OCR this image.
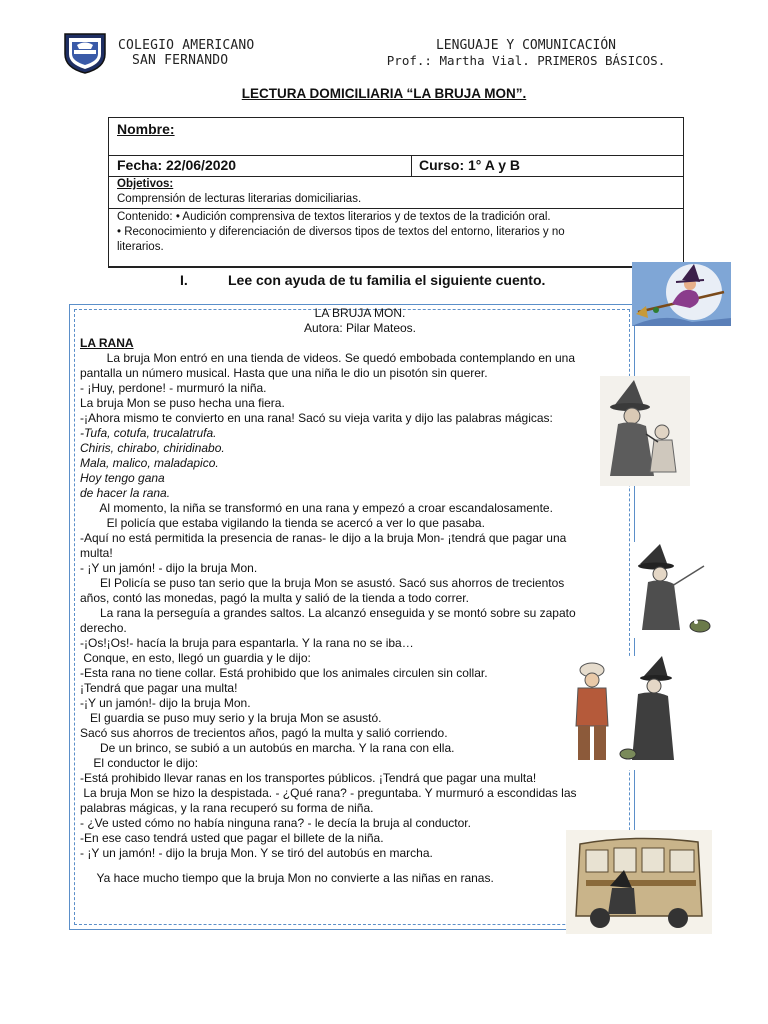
COLEGIO AMERICANO
SAN FERNANDO
LENGUAJE Y COMUNICACIÓN
Prof.: Martha Vial. PRIMEROS BÁSICOS.
LECTURA DOMICILIARIA “LA BRUJA MON”.
Nombre:
Fecha: 22/06/2020	Curso: 1° A y B
Objetivos:
Comprensión de lecturas literarias domiciliarias.

Contenido: • Audición comprensiva de textos literarios y de textos de la tradición oral.

• Reconocimiento y diferenciación de diversos tipos de textos del entorno, literarios y no

literarios.

I.	Lee con ayuda de tu familia el siguiente cuento.
LA BRUJA MON.
Autora: Pilar Mateos.
LA RANA
La bruja Mon entró en una tienda de videos. Se quedó embobada contemplando en una
pantalla un número musical. Hasta que una niña le dio un pisotón sin querer.
- ¡Huy, perdone! - murmuró la niña.
La bruja Mon se puso hecha una fiera.
-¡Ahora mismo te convierto en una rana! Sacó su vieja varita y dijo las palabras mágicas:
-Tufa, cotufa, trucalatrufa.
Chiris, chirabo, chiridinabo.
Mala, malico, maladapico.
Hoy tengo gana
de hacer la rana.
Al momento, la niña se transformó en una rana y empezó a croar escandalosamente.
El policía que estaba vigilando la tienda se acercó a ver lo que pasaba.
-Aquí no está permitida la presencia de ranas- le dijo a la bruja Mon- ¡tendrá que pagar una
multa!
- ¡Y un jamón! - dijo la bruja Mon.
El Policía se puso tan serio que la bruja Mon se asustó. Sacó sus ahorros de trecientos
años, contó las monedas, pagó la multa y salió de la tienda a todo correr.
La rana la perseguía a grandes saltos. La alcanzó enseguida y se montó sobre su zapato
derecho.
-¡Os!¡Os!- hacía la bruja para espantarla. Y la rana no se iba…
Conque, en esto, llegó un guardia y le dijo:
-Esta rana no tiene collar. Está prohibido que los animales circulen sin collar.
¡Tendrá que pagar una multa!
-¡Y un jamón!- dijo la bruja Mon.
El guardia se puso muy serio y la bruja Mon se asustó.
Sacó sus ahorros de trecientos años, pagó la multa y salió corriendo.
De un brinco, se subió a un autobús en marcha. Y la rana con ella.
El conductor le dijo:
-Está prohibido llevar ranas en los transportes públicos. ¡Tendrá que pagar una multa!
La bruja Mon se hizo la despistada. - ¿Qué rana? - preguntaba. Y murmuró a escondidas las
palabras mágicas, y la rana recuperó su forma de niña.
- ¿Ve usted cómo no había ninguna rana? - le decía la bruja al conductor.
-En ese caso tendrá usted que pagar el billete de la niña.
- ¡Y un jamón! - dijo la bruja Mon. Y se tiró del autobús en marcha.
Ya hace mucho tiempo que la bruja Mon no convierte a las niñas en ranas.
